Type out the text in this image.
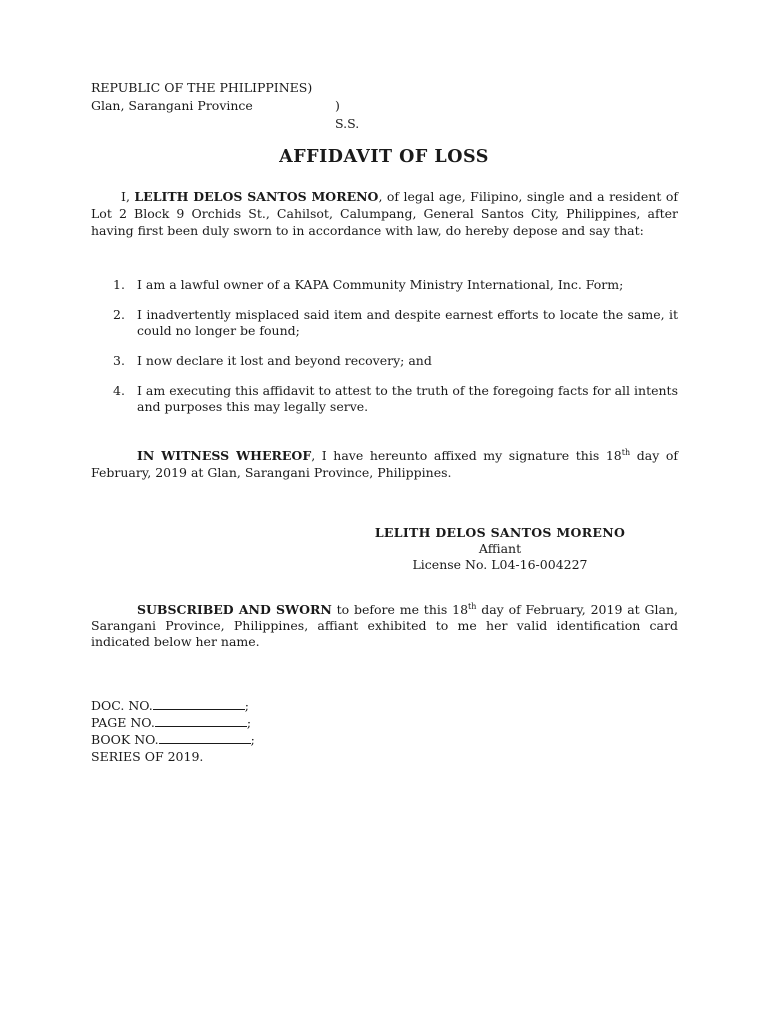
REPUBLIC OF THE PHILIPPINES)
Glan, Sarangani Province	) S.S.
AFFIDAVIT OF LOSS

I, LELITH DELOS SANTOS MORENO, of legal age, Filipino, single and a resident of Lot 2 Block 9 Orchids St., Cahilsot, Calumpang, General Santos City, Philippines, after having first been duly sworn to in accordance with law, do hereby depose and say that:

1. I am a lawful owner of a KAPA Community Ministry International, Inc. Form;
2. I inadvertently misplaced said item and despite earnest efforts to locate the same, it could no longer be found;
3. I now declare it lost and beyond recovery; and
4. I am executing this affidavit to attest to the truth of the foregoing facts for all intents and purposes this may legally serve.

IN WITNESS WHEREOF, I have hereunto affixed my signature this 18th day of February, 2019 at Glan, Sarangani Province, Philippines.

LELITH DELOS SANTOS MORENO
Affiant
License No. L04-16-004227

SUBSCRIBED AND SWORN to before me this 18th day of February, 2019 at Glan, Sarangani Province, Philippines, affiant exhibited to me her valid identification card indicated below her name.

DOC. NO.	;
PAGE NO.	;
BOOK NO.	;
SERIES OF 2019.
